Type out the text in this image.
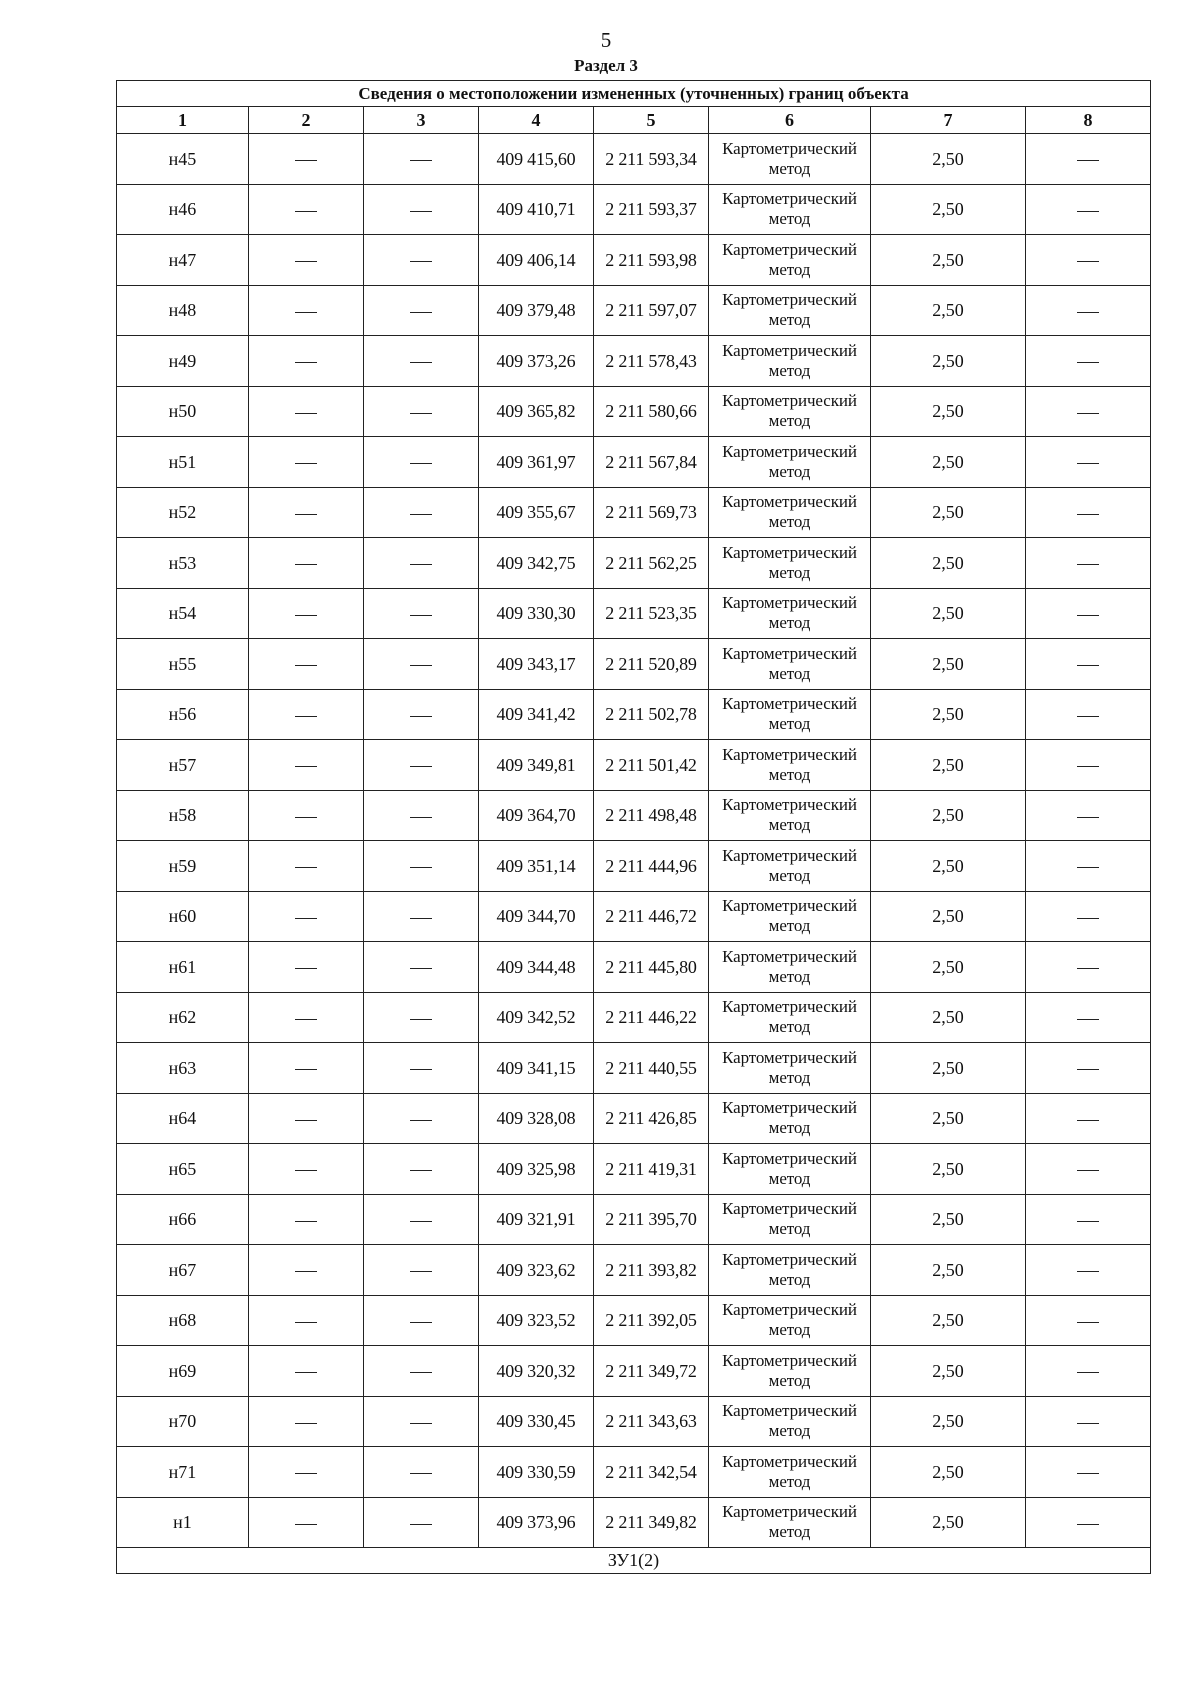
5
Раздел 3
Сведения о местоположении измененных (уточненных) границ объекта							
1	2	3	4	5	6	7	8
н45			409 415,60	2 211 593,34	Картометрический метод	2,50	
н46			409 410,71	2 211 593,37	Картометрический метод	2,50	
н47			409 406,14	2 211 593,98	Картометрический метод	2,50	
н48			409 379,48	2 211 597,07	Картометрический метод	2,50	
н49			409 373,26	2 211 578,43	Картометрический метод	2,50	
н50			409 365,82	2 211 580,66	Картометрический метод	2,50	
н51			409 361,97	2 211 567,84	Картометрический метод	2,50	
н52			409 355,67	2 211 569,73	Картометрический метод	2,50	
н53			409 342,75	2 211 562,25	Картометрический метод	2,50	
н54			409 330,30	2 211 523,35	Картометрический метод	2,50	
н55			409 343,17	2 211 520,89	Картометрический метод	2,50	
н56			409 341,42	2 211 502,78	Картометрический метод	2,50	
н57			409 349,81	2 211 501,42	Картометрический метод	2,50	
н58			409 364,70	2 211 498,48	Картометрический метод	2,50	
н59			409 351,14	2 211 444,96	Картометрический метод	2,50	
н60			409 344,70	2 211 446,72	Картометрический метод	2,50	
н61			409 344,48	2 211 445,80	Картометрический метод	2,50	
н62			409 342,52	2 211 446,22	Картометрический метод	2,50	
н63			409 341,15	2 211 440,55	Картометрический метод	2,50	
н64			409 328,08	2 211 426,85	Картометрический метод	2,50	
н65			409 325,98	2 211 419,31	Картометрический метод	2,50	
н66			409 321,91	2 211 395,70	Картометрический метод	2,50	
н67			409 323,62	2 211 393,82	Картометрический метод	2,50	
н68			409 323,52	2 211 392,05	Картометрический метод	2,50	
н69			409 320,32	2 211 349,72	Картометрический метод	2,50	
н70			409 330,45	2 211 343,63	Картометрический метод	2,50	
н71			409 330,59	2 211 342,54	Картометрический метод	2,50	
н1			409 373,96	2 211 349,82	Картометрический метод	2,50	
ЗУ1(2)							
